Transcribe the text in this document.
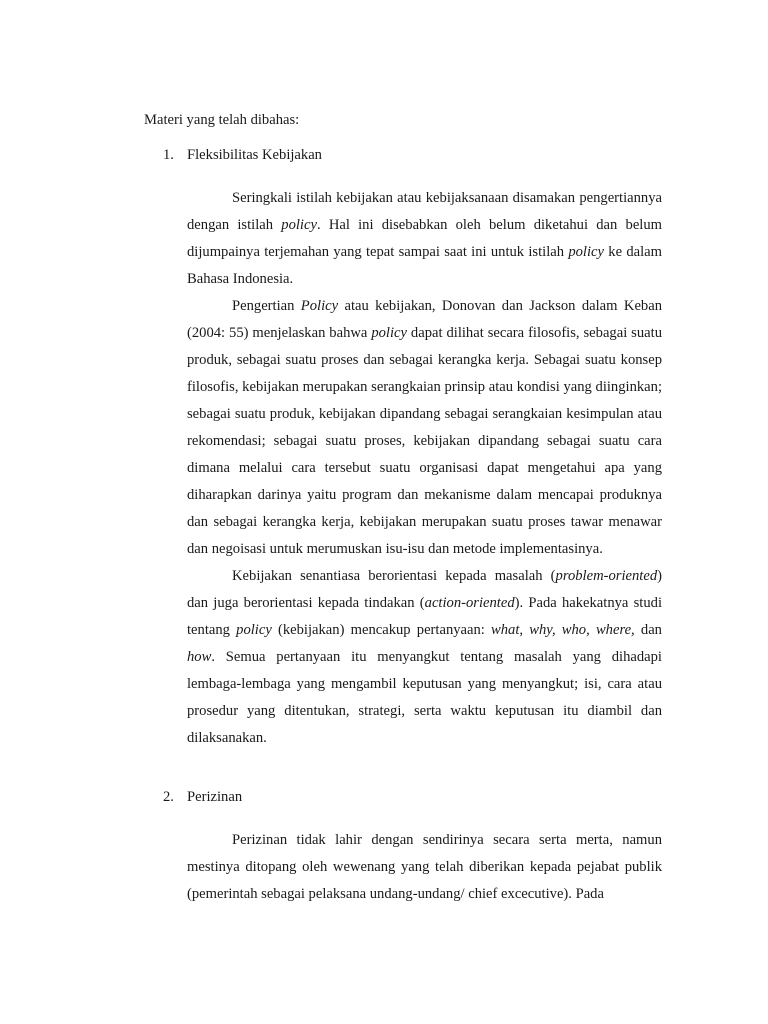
Materi yang telah dibahas:

1. Fleksibilitas Kebijakan

Seringkali istilah kebijakan atau kebijaksanaan disamakan pengertiannya dengan istilah policy. Hal ini disebabkan oleh belum diketahui dan belum dijumpainya terjemahan yang tepat sampai saat ini untuk istilah policy ke dalam Bahasa Indonesia.

Pengertian Policy atau kebijakan, Donovan dan Jackson dalam Keban (2004: 55) menjelaskan bahwa policy dapat dilihat secara filosofis, sebagai suatu produk, sebagai suatu proses dan sebagai kerangka kerja. Sebagai suatu konsep filosofis, kebijakan merupakan serangkaian prinsip atau kondisi yang diinginkan; sebagai suatu produk, kebijakan dipandang sebagai serangkaian kesimpulan atau rekomendasi; sebagai suatu proses, kebijakan dipandang sebagai suatu cara dimana melalui cara tersebut suatu organisasi dapat mengetahui apa yang diharapkan darinya yaitu program dan mekanisme dalam mencapai produknya dan sebagai kerangka kerja, kebijakan merupakan suatu proses tawar menawar dan negoisasi untuk merumuskan isu-isu dan metode implementasinya.

Kebijakan senantiasa berorientasi kepada masalah (problem-oriented) dan juga berorientasi kepada tindakan (action-oriented). Pada hakekatnya studi tentang policy (kebijakan) mencakup pertanyaan: what, why, who, where, dan how. Semua pertanyaan itu menyangkut tentang masalah yang dihadapi lembaga-lembaga yang mengambil keputusan yang menyangkut; isi, cara atau prosedur yang ditentukan, strategi, serta waktu keputusan itu diambil dan dilaksanakan.

2. Perizinan

Perizinan tidak lahir dengan sendirinya secara serta merta, namun mestinya ditopang oleh wewenang yang telah diberikan kepada pejabat publik (pemerintah sebagai pelaksana undang-undang/ chief excecutive). Pada
